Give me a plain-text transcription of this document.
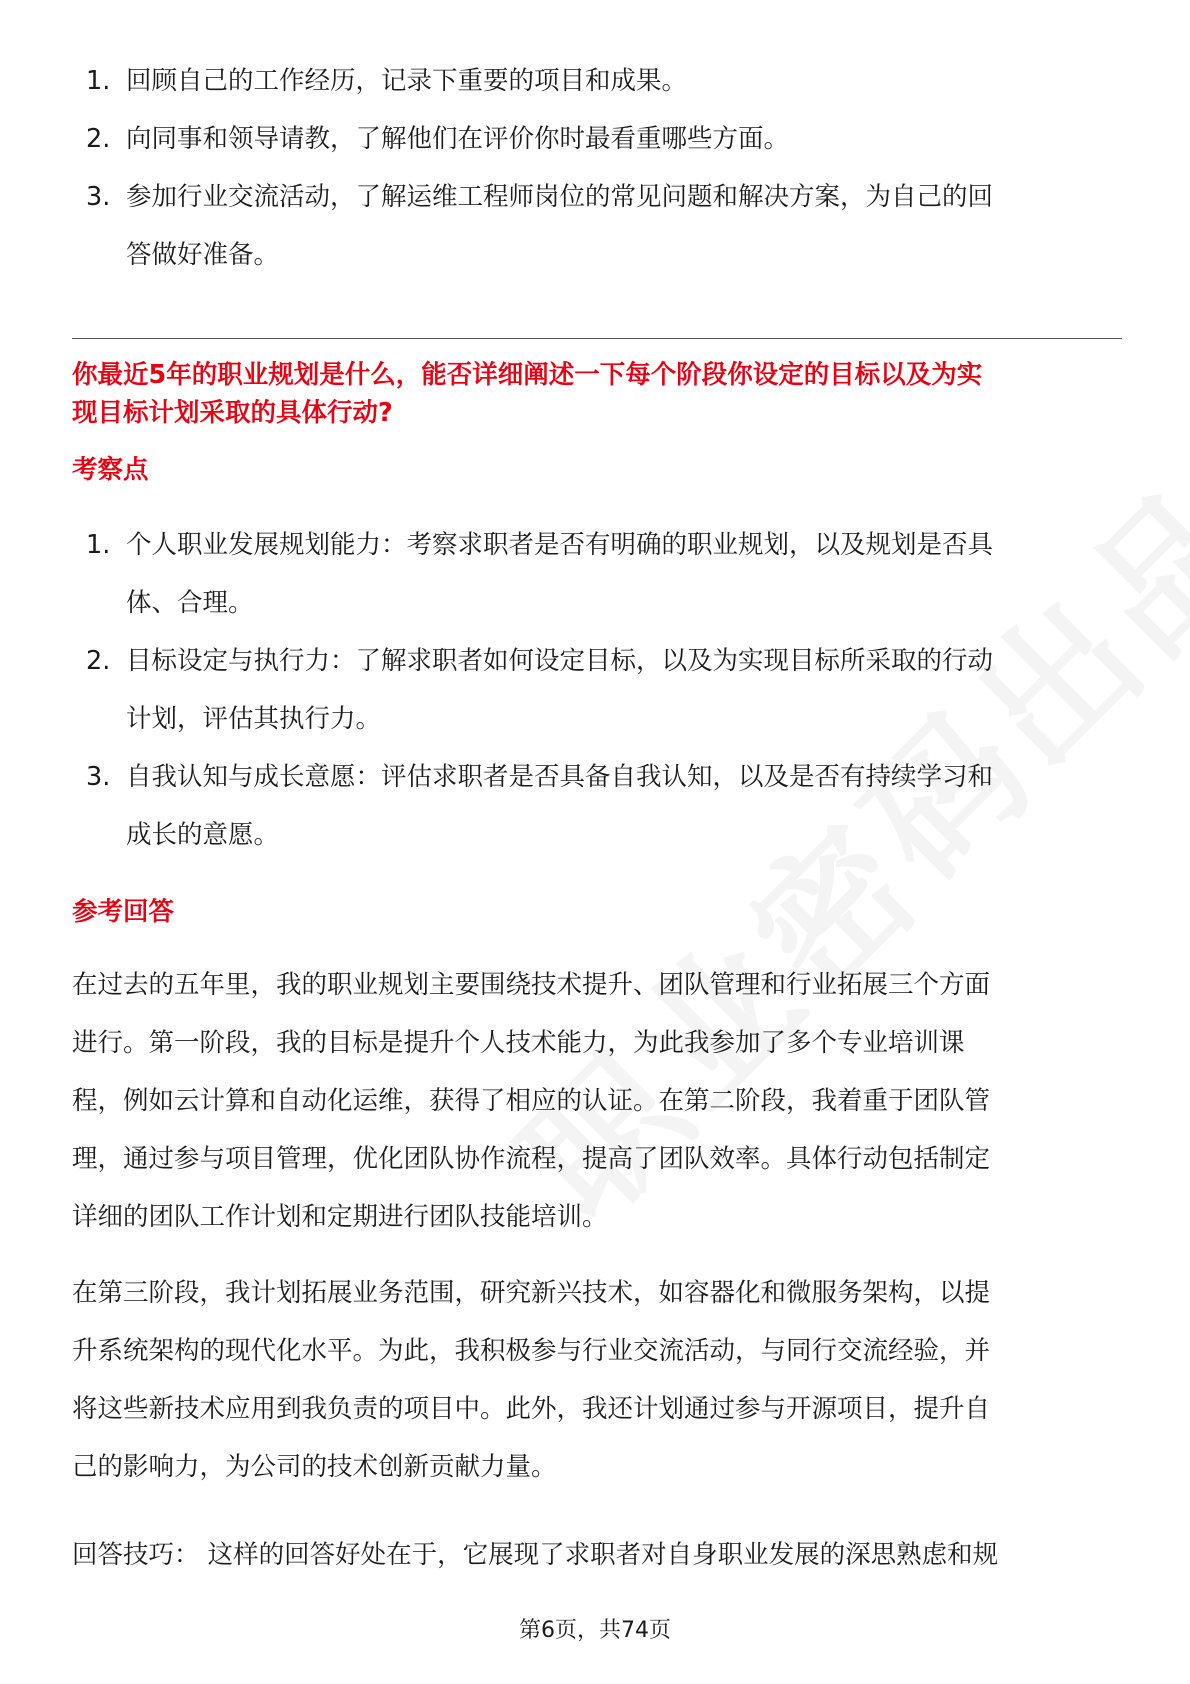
1. 回顾自己的工作经历，记录下重要的项目和成果。
2. 向同事和领导请教，了解他们在评价你时最看重哪些方面。
3. 参加行业交流活动，了解运维工程师岗位的常见问题和解决方案，为自己的回
答做好准备。
你最近5年的职业规划是什么，能否详细阐述一下每个阶段你设定的目标以及为实
现目标计划采取的具体行动?
考察点
1. 个人职业发展规划能力：考察求职者是否有明确的职业规划，以及规划是否具
体、合理。
2. 目标设定与执行力：了解求职者如何设定目标，以及为实现目标所采取的行动
计划，评估其执行力。
3. 自我认知与成长意愿：评估求职者是否具备自我认知，以及是否有持续学习和
成长的意愿。
参考回答
在过去的五年里，我的职业规划主要围绕技术提升、团队管理和行业拓展三个方面
进行。第一阶段，我的目标是提升个人技术能力，为此我参加了多个专业培训课
程，例如云计算和自动化运维，获得了相应的认证。在第二阶段，我着重于团队管
理，通过参与项目管理，优化团队协作流程，提高了团队效率。具体行动包括制定
详细的团队工作计划和定期进行团队技能培训。
在第三阶段，我计划拓展业务范围，研究新兴技术，如容器化和微服务架构，以提
升系统架构的现代化水平。为此，我积极参与行业交流活动，与同行交流经验，并
将这些新技术应用到我负责的项目中。此外，我还计划通过参与开源项目，提升自
己的影响力，为公司的技术创新贡献力量。
回答技巧： 这样的回答好处在于，它展现了求职者对自身职业发展的深思熟虑和规
第6页，共74页
